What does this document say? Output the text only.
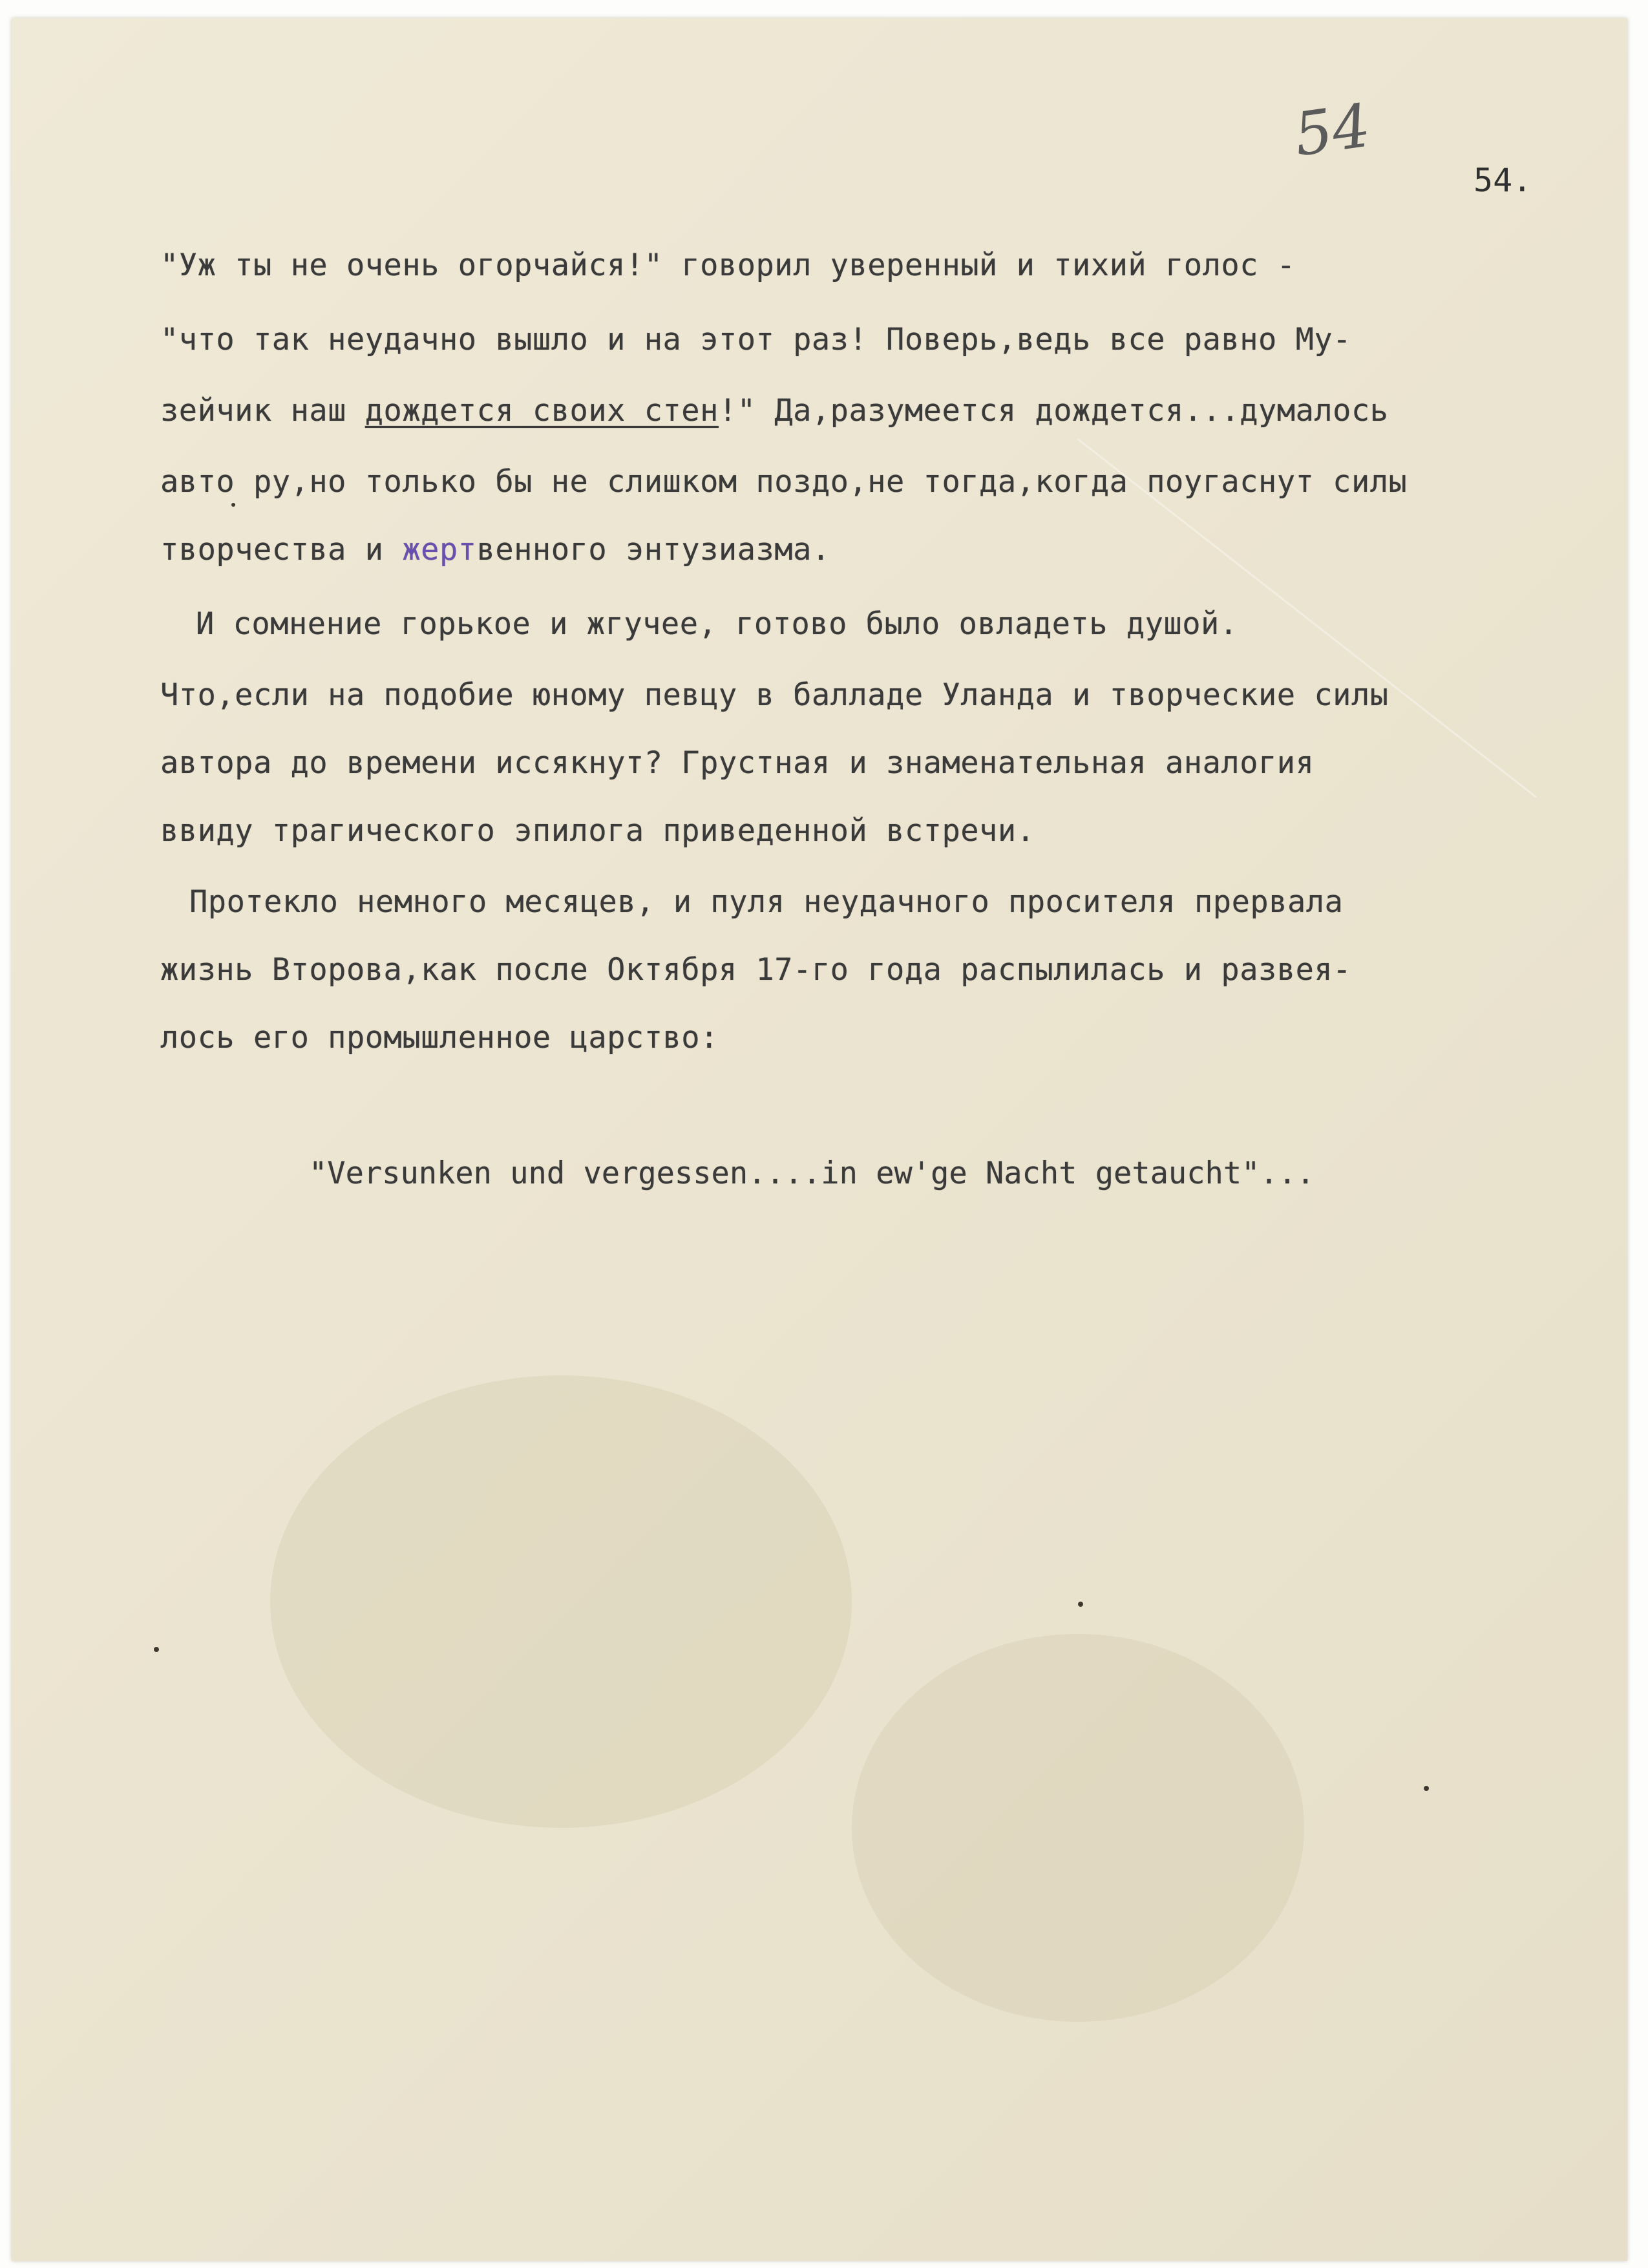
54
54.
"Уж ты не очень огорчайся!" говорил уверенный и тихий голос -
"что так неудачно вышло и на этот раз! Поверь,ведь все равно Му-
зейчик наш дождется своих стен!" Да,разумеется дождется...думалось
авто ру,но только бы не слишком поздо,не тогда,когда поугаснут силы
творчества и жертвенного энтузиазма.
И сомнение горькое и жгучее, готово было овладеть душой.
Что,если на подобие юному певцу в балладе Уланда и творческие силы
автора до времени иссякнут? Грустная и знаменательная аналогия
ввиду трагического эпилога приведенной встречи.
Протекло немного месяцев, и пуля неудачного просителя прервала
жизнь Второва,как после Октября 17-го года распылилась и развея-
лось его промышленное царство:
"Versunken und vergessen....in ew'ge Nacht getaucht"...
